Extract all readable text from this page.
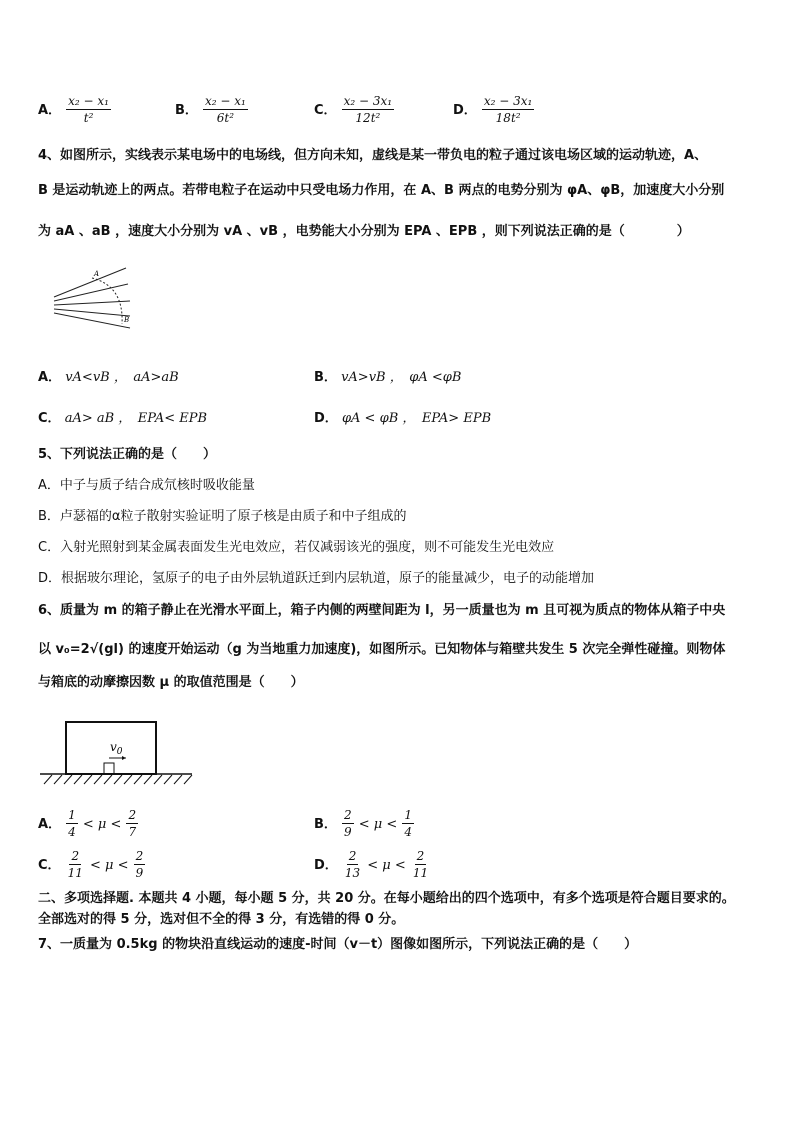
A． $\frac{\text{x₂ − x₁}}{\text{t²}}$	B． $\frac{\text{x₂ − x₁}}{\text{6t²}}$	C． $\frac{\text{x₂ − 3x₁}}{\text{12t²}}$	D． $\frac{\text{x₂ − 3x₁}}{\text{18t²}}$
4、如图所示，实线表示某电场中的电场线，但方向未知，虚线是某一带负电的粒子通过该电场区域的运动轨迹，A、
B 是运动轨迹上的两点。若带电粒子在运动中只受电场力作用，在 A、B 两点的电势分别为 φA、φB，加速度大小分别
为 aA 、aB ，速度大小分别为 vA 、vB ，电势能大小分别为 EPA 、EPB ，则下列说法正确的是（　　　　）
A
B
A． vA<vB ，　aA>aB	B． vA>vB ，　φA <φB
C． aA> aB ，　EPA< EPB	D． φA < φB ，　EPA> EPB
5、下列说法正确的是（　　）
A．中子与质子结合成氘核时吸收能量
B．卢瑟福的α粒子散射实验证明了原子核是由质子和中子组成的
C．入射光照射到某金属表面发生光电效应，若仅减弱该光的强度，则不可能发生光电效应
D．根据玻尔理论，氢原子的电子由外层轨道跃迁到内层轨道，原子的能量减少，电子的动能增加
6、质量为 m 的箱子静止在光滑水平面上，箱子内侧的两壁间距为 l，另一质量也为 m 且可视为质点的物体从箱子中央
以 v₀=2√(gl) 的速度开始运动（g 为当地重力加速度)，如图所示。已知物体与箱壁共发生 5 次完全弹性碰撞。则物体
与箱底的动摩擦因数 μ 的取值范围是（　　）
$v_0$
A． $\frac{1}{4} < \mu < \frac{2}{7}$	B． $\frac{2}{9} < \mu < \frac{1}{4}$
C． $\frac{2}{11} < \mu < \frac{2}{9}$	D． $\frac{2}{13} < \mu < \frac{2}{11}$
二、多项选择题. 本题共 4 小题，每小题 5 分，共 20 分。在每小题给出的四个选项中，有多个选项是符合题目要求的。
全部选对的得 5 分，选对但不全的得 3 分，有选错的得 0 分。
7、一质量为 0.5kg 的物块沿直线运动的速度-时间（v－t）图像如图所示，下列说法正确的是（　　）
